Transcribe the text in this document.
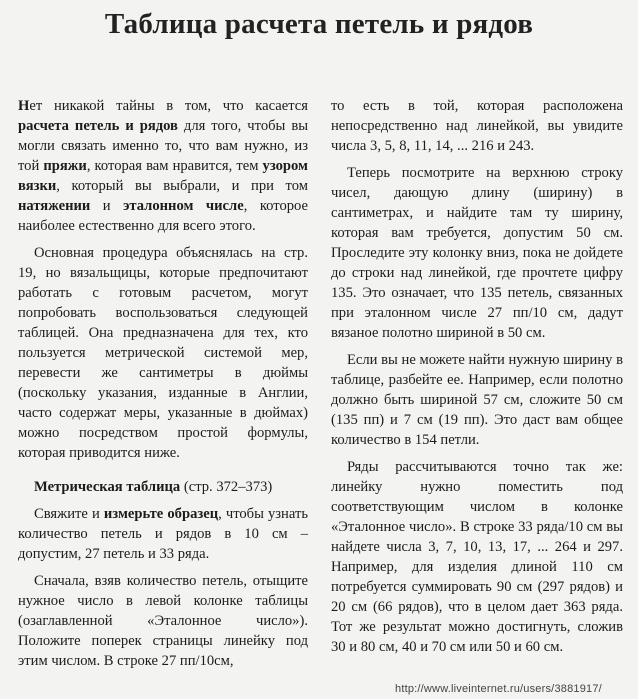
Таблица расчета петель и рядов

Нет никакой тайны в том, что касается расчета петель и рядов для того, чтобы вы могли связать именно то, что вам нужно, из той пряжи, которая вам нравится, тем узором вязки, который вы выбрали, и при том натяжении и эталонном числе, которое наиболее естественно для всего этого.

Основная процедура объяснялась на стр. 19, но вязальщицы, которые предпочитают работать с готовым расчетом, могут попробовать воспользоваться следующей таблицей. Она предназначена для тех, кто пользуется метрической системой мер, перевести же сантиметры в дюймы (поскольку указания, изданные в Англии, часто содержат меры, указанные в дюймах) можно посредством простой формулы, которая приводится ниже.

Метрическая таблица (стр. 372–373)

Свяжите и измерьте образец, чтобы узнать количество петель и рядов в 10 см – допустим, 27 петель и 33 ряда.

Сначала, взяв количество петель, отыщите нужное число в левой колонке таблицы (озаглавленной «Эталонное число»). Положите поперек страницы линейку под этим числом. В строке 27 пп/10см,

то есть в той, которая расположена непосредственно над линейкой, вы увидите числа 3, 5, 8, 11, 14, ... 216 и 243.

Теперь посмотрите на верхнюю строку чисел, дающую длину (ширину) в сантиметрах, и найдите там ту ширину, которая вам требуется, допустим 50 см. Проследите эту колонку вниз, пока не дойдете до строки над линейкой, где прочтете цифру 135. Это означает, что 135 петель, связанных при эталонном числе 27 пп/10 см, дадут вязаное полотно шириной в 50 см.

Если вы не можете найти нужную ширину в таблице, разбейте ее. Например, если полотно должно быть шириной 57 см, сложите 50 см (135 пп) и 7 см (19 пп). Это даст вам общее количество в 154 петли.

Ряды рассчитываются точно так же: линейку нужно поместить под соответствующим числом в колонке «Эталонное число». В строке 33 ряда/10 см вы найдете числа 3, 7, 10, 13, 17, ... 264 и 297. Например, для изделия длиной 110 см потребуется суммировать 90 см (297 рядов) и 20 см (66 рядов), что в целом дает 363 ряда. Тот же результат можно достигнуть, сложив 30 и 80 см, 40 и 70 см или 50 и 60 см.

http://www.liveinternet.ru/users/3881917/
